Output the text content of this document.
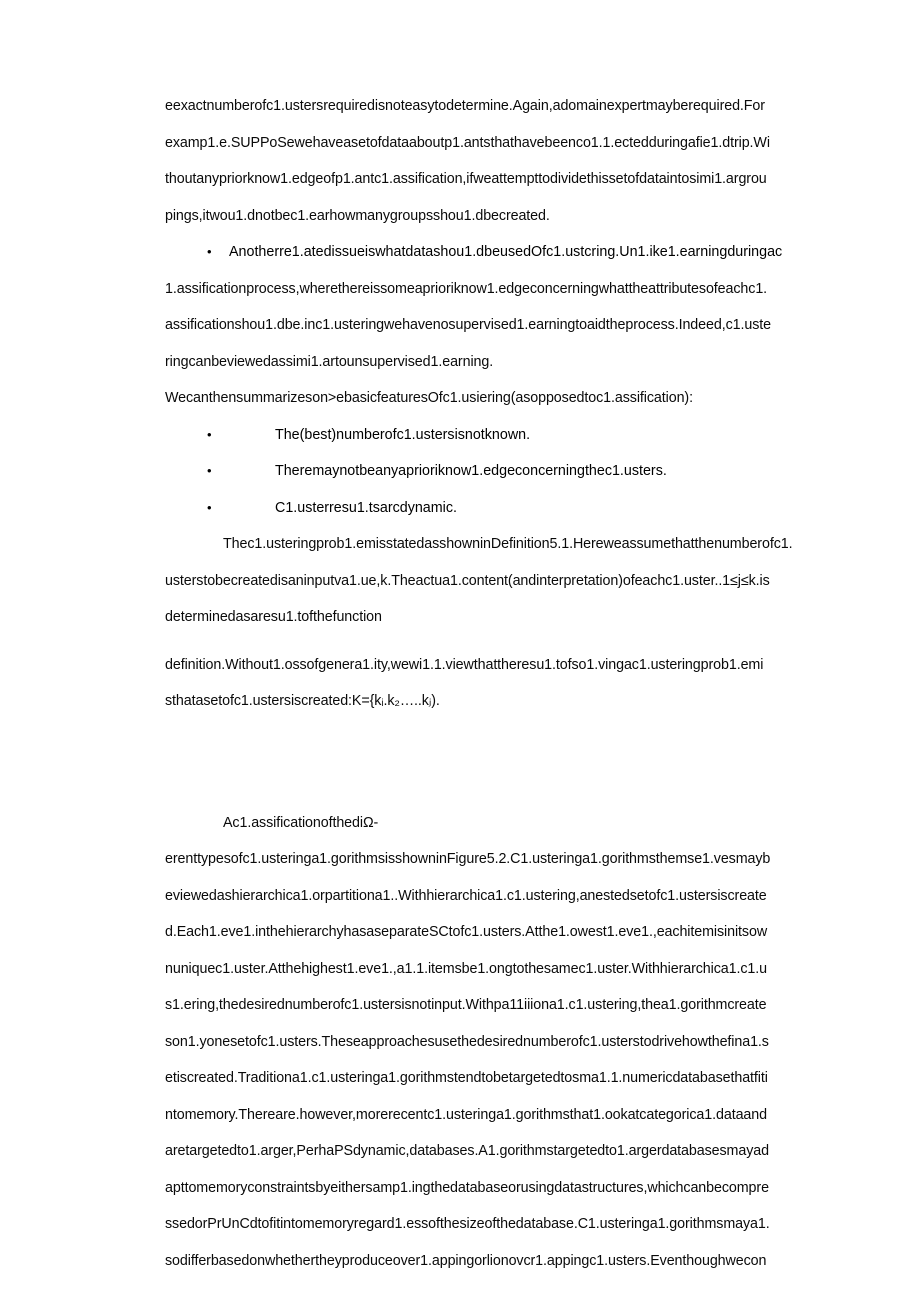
eexactnumberofc1.ustersrequiredisnoteasytodetermine.Again,adomainexpertmayberequired.For
examp1.e.SUPPoSewehaveasetofdataaboutp1.antsthathavebeenco1.1.ectedduringafie1.dtrip.Wi
thoutanypriorknow1.edgeofp1.antc1.assification,ifweattempttodividethissetofdataintosimi1.argrou
pings,itwou1.dnotbec1.earhowmanygroupsshou1.dbecreated.
•	Anotherre1.atedissueiswhatdatashou1.dbeusedOfc1.ustcring.Un1.ike1.earningduringac
1.assificationprocess,wherethereissomeaprioriknow1.edgeconcerningwhattheattributesofeachc1.
assificationshou1.dbe.inc1.usteringwehavenosupervised1.earningtoaidtheprocess.Indeed,c1.uste
ringcanbeviewedassimi1.artounsupervised1.earning.
Wecanthensummarizeson>ebasicfeaturesOfc1.usiering(asopposedtoc1.assification):
•	The(best)numberofc1.ustersisnotknown.
•	Theremaynotbeanyaprioriknow1.edgeconcerningthec1.usters.
•	C1.usterresu1.tsarcdynamic.
Thec1.usteringprob1.emisstatedasshowninDefinition5.1.Hereweassumethatthenumberofc1.
usterstobecreatedisaninputva1.ue,k.Theactua1.content(andinterpretation)ofeachc1.uster..1≤j≤k.is
determinedasaresu1.tofthefunction
definition.Without1.ossofgenera1.ity,wewi1.1.viewthattheresu1.tofso1.vingac1.usteringprob1.emi
sthatasetofc1.ustersiscreated:K={kᵢ.k₂…..kⱼ).
Ac1.assificationofthediΩ-
erenttypesofc1.usteringa1.gorithmsisshowninFigure5.2.C1.usteringa1.gorithmsthemse1.vesmayb
eviewedashierarchica1.orpartitiona1..Withhierarchica1.c1.ustering,anestedsetofc1.ustersiscreate
d.Each1.eve1.inthehierarchyhasaseparateSCtofc1.usters.Atthe1.owest1.eve1.,eachitemisinitsow
nuniquec1.uster.Atthehighest1.eve1.,a1.1.itemsbe1.ongtothesamec1.uster.Withhierarchica1.c1.u
s1.ering,thedesirednumberofc1.ustersisnotinput.Withpa11iiiona1.c1.ustering,thea1.gorithmcreate
son1.yonesetofc1.usters.Theseapproachesusethedesirednumberofc1.usterstodrivehowthefina1.s
etiscreated.Traditiona1.c1.usteringa1.gorithmstendtobetargetedtosma1.1.numericdatabasethatfiti
ntomemory.Thereare.however,morerecentc1.usteringa1.gorithmsthat1.ookatcategorica1.dataand
aretargetedto1.arger,PerhaPSdynamic,databases.A1.gorithmstargetedto1.argerdatabasesmayad
apttomemoryconstraintsbyeithersamp1.ingthedatabaseorusingdatastructures,whichcanbecompre
ssedorPrUnCdtofitintomemoryregard1.essofthesizeofthedatabase.C1.usteringa1.gorithmsmaya1.
sodifferbasedonwhethertheyproduceover1.appingorlionovcr1.appingc1.usters.Eventhoughwecon
